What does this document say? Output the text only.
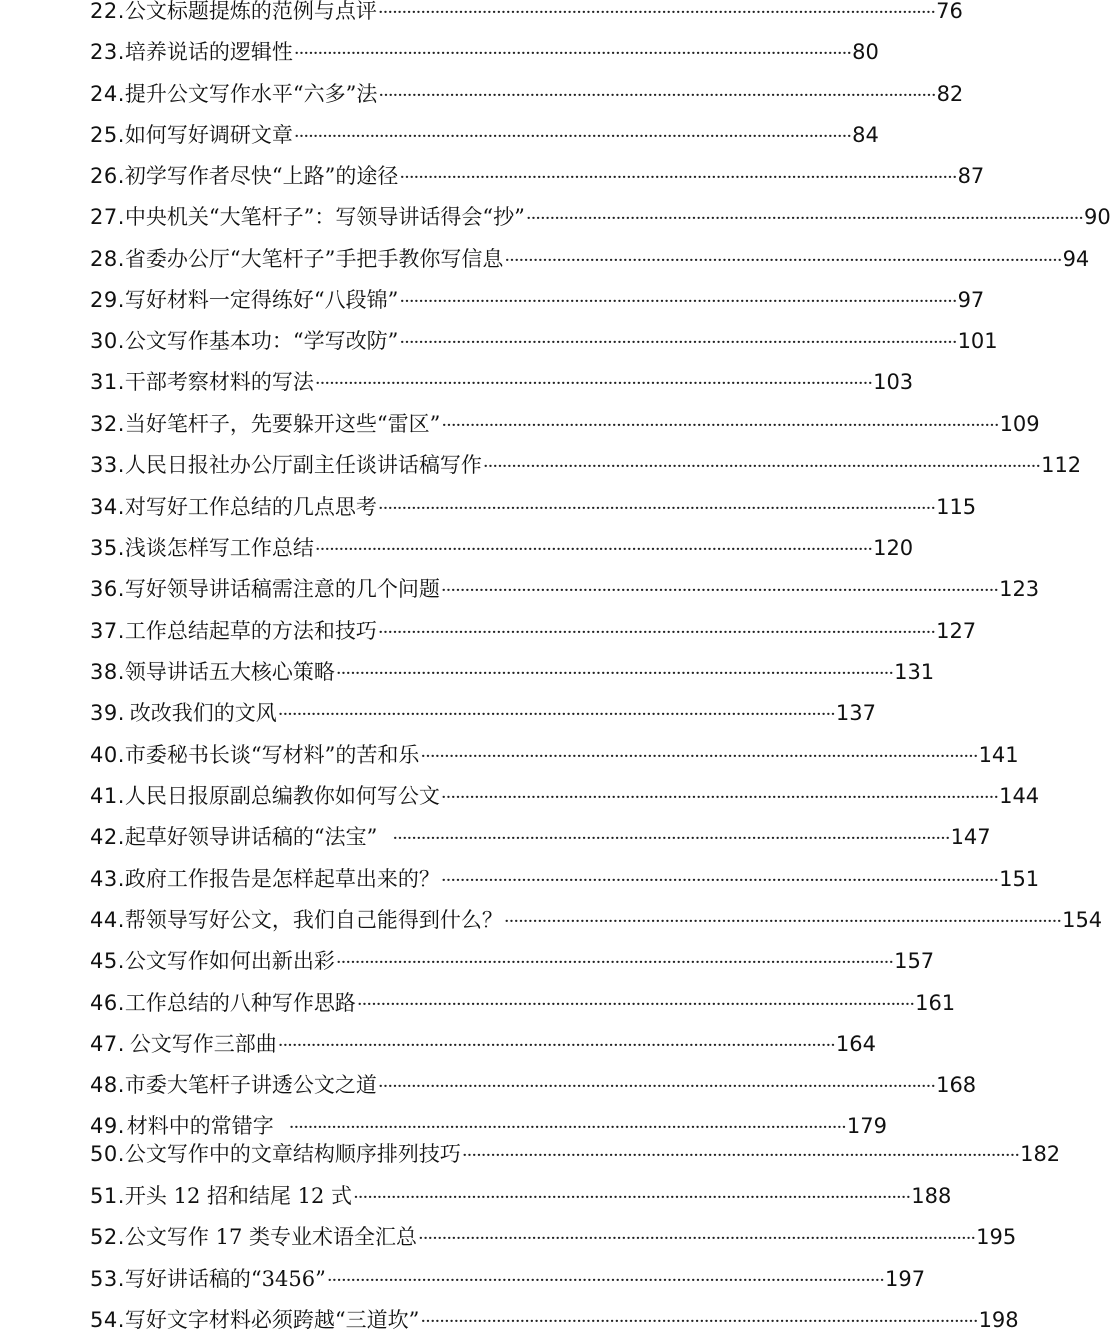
22. 公文标题提炼的范例与点评 ······················································································································ 76
23. 培养说话的逻辑性 ······················································································································ 80
24. 提升公文写作水平“六多”法 ······················································································································ 82
25. 如何写好调研文章 ······················································································································ 84
26. 初学写作者尽快“上路”的途径 ······················································································································ 87
27. 中央机关“大笔杆子”：写领导讲话得会“抄” ······················································································································ 90
28. 省委办公厅“大笔杆子”手把手教你写信息 ······················································································································ 94
29. 写好材料一定得练好“八段锦” ······················································································································ 97
30. 公文写作基本功：“学写改防” ······················································································································ 101
31. 干部考察材料的写法 ······················································································································ 103
32. 当好笔杆子，先要躲开这些“雷区” ······················································································································ 109
33. 人民日报社办公厅副主任谈讲话稿写作 ······················································································································ 112
34. 对写好工作总结的几点思考 ······················································································································ 115
35. 浅谈怎样写工作总结 ······················································································································ 120
36. 写好领导讲话稿需注意的几个问题 ······················································································································ 123
37. 工作总结起草的方法和技巧 ······················································································································ 127
38. 领导讲话五大核心策略 ······················································································································ 131
39. 改改我们的文风 ······················································································································ 137
40. 市委秘书长谈“写材料”的苦和乐 ······················································································································ 141
41. 人民日报原副总编教你如何写公文 ······················································································································ 144
42. 起草好领导讲话稿的“法宝” ······················································································································ 147
43. 政府工作报告是怎样起草出来的？ ······················································································································ 151
44. 帮领导写好公文，我们自己能得到什么？ ······················································································································ 154
45. 公文写作如何出新出彩 ······················································································································ 157
46. 工作总结的八种写作思路 ······················································································································ 161
47. 公文写作三部曲 ······················································································································ 164
48. 市委大笔杆子讲透公文之道 ······················································································································ 168
49. 材料中的常错字 ······················································································································ 179
50. 公文写作中的文章结构顺序排列技巧 ······················································································································ 182
51. 开头 12 招和结尾 12 式 ······················································································································ 188
52. 公文写作 17 类专业术语全汇总 ······················································································································ 195
53. 写好讲话稿的“3456” ······················································································································ 197
54. 写好文字材料必须跨越“三道坎” ······················································································································ 198
